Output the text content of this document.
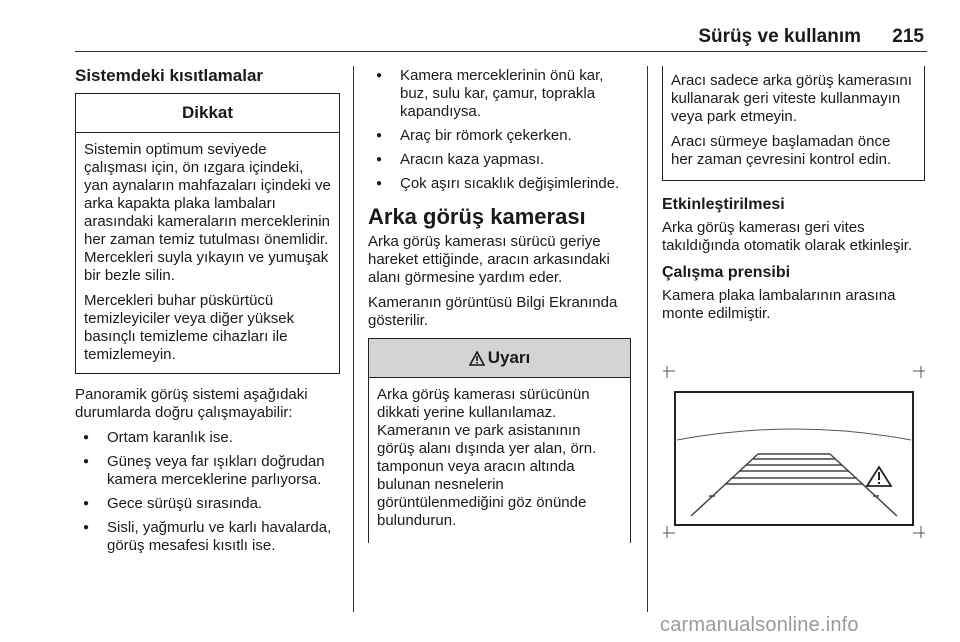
Sürüş ve kullanım 215
Sistemdeki kısıtlamalar
Dikkat

Sistemin optimum seviyede çalışması için, ön ızgara içindeki, yan aynaların mahfazaları içindeki ve arka kapakta plaka lambaları arasındaki kameraların merceklerinin her zaman temiz tutulması önemlidir. Mercekleri suyla yıkayın ve yumuşak bir bezle silin.

Mercekleri buhar püskürtücü temizleyiciler veya diğer yüksek basınçlı temizleme cihazları ile temizlemeyin.

Panoramik görüş sistemi aşağıdaki durumlarda doğru çalışmayabilir:

● Ortam karanlık ise.
● Güneş veya far ışıkları doğrudan kamera merceklerine parlıyorsa.
● Gece sürüşü sırasında.
● Sisli, yağmurlu ve karlı havalarda, görüş mesafesi kısıtlı ise.
● Kamera merceklerinin önü kar, buz, sulu kar, çamur, toprakla kapandıysa.
● Araç bir römork çekerken.
● Aracın kaza yapması.
● Çok aşırı sıcaklık değişimlerinde.
Arka görüş kamerası

Arka görüş kamerası sürücü geriye hareket ettiğinde, aracın arkasındaki alanı görmesine yardım eder.

Kameranın görüntüsü Bilgi Ekranında gösterilir.

Uyarı

Arka görüş kamerası sürücünün dikkati yerine kullanılamaz. Kameranın ve park asistanının görüş alanı dışında yer alan, örn. tamponun veya aracın altında bulunan nesnelerin görüntülenmediğini göz önünde bulundurun.

Aracı sadece arka görüş kamerasını kullanarak geri viteste kullanmayın veya park etmeyin.

Aracı sürmeye başlamadan önce her zaman çevresini kontrol edin.

Etkinleştirilmesi

Arka görüş kamerası geri vites takıldığında otomatik olarak etkinleşir.

Çalışma prensibi

Kamera plaka lambalarının arasına monte edilmiştir.

carmanualsonline.info
